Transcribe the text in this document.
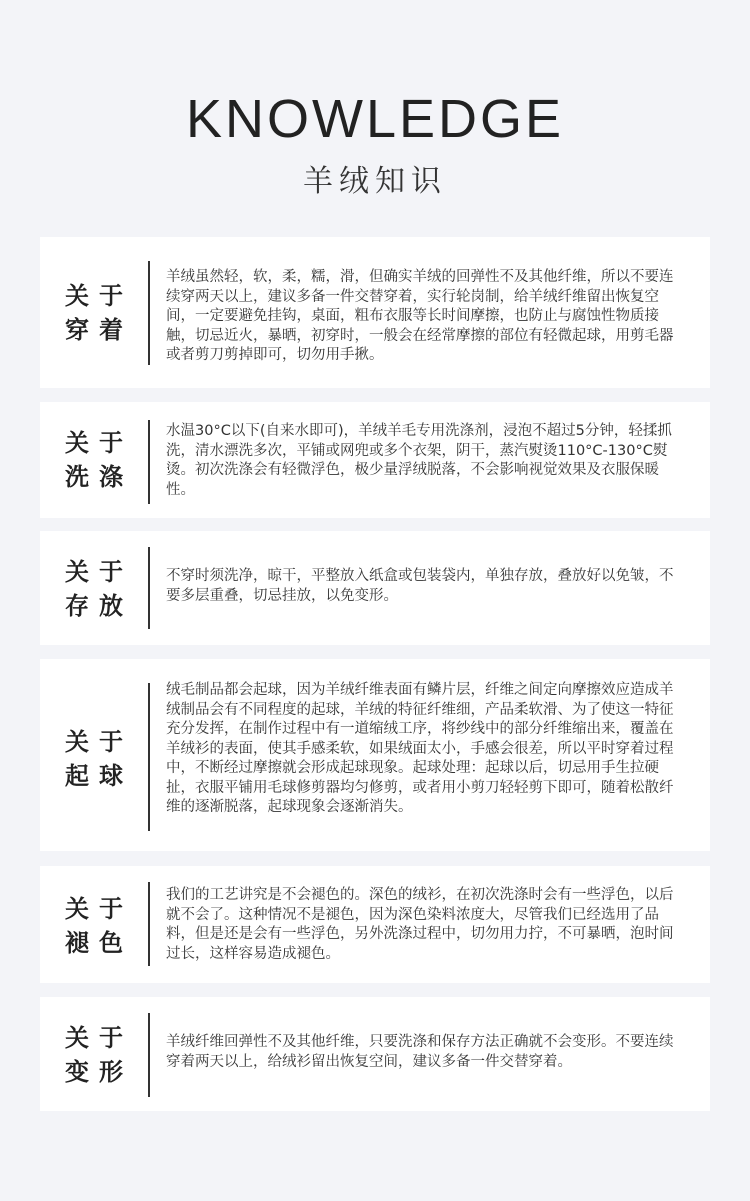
KNOWLEDGE
羊绒知识
关于
穿着
羊绒虽然轻，软，柔，糯，滑，但确实羊绒的回弹性不及其他纤维，所以不要连续穿两天以上，建议多备一件交替穿着，实行轮岗制，给羊绒纤维留出恢复空间，一定要避免挂钩，桌面，粗布衣服等长时间摩擦，也防止与腐蚀性物质接触，切忌近火，暴晒，初穿时，一般会在经常摩擦的部位有轻微起球，用剪毛器或者剪刀剪掉即可，切勿用手揪。
关于
洗涤
水温30°C以下(自来水即可)，羊绒羊毛专用洗涤剂，浸泡不超过5分钟，轻揉抓洗，清水漂洗多次，平铺或网兜或多个衣架，阴干，蒸汽熨烫110°C-130°C熨烫。初次洗涤会有轻微浮色，极少量浮绒脱落，不会影响视觉效果及衣服保暖性。
关于
存放
不穿时须洗净，晾干，平整放入纸盒或包装袋内，单独存放，叠放好以免皱，不要多层重叠，切忌挂放，以免变形。
关于
起球
绒毛制品都会起球，因为羊绒纤维表面有鳞片层，纤维之间定向摩擦效应造成羊绒制品会有不同程度的起球，羊绒的特征纤维细，产品柔软滑、为了使这一特征充分发挥，在制作过程中有一道缩绒工序，将纱线中的部分纤维缩出来，覆盖在羊绒衫的表面，使其手感柔软，如果绒面太小，手感会很差，所以平时穿着过程中，不断经过摩擦就会形成起球现象。起球处理：起球以后，切忌用手生拉硬扯，衣服平铺用毛球修剪器均匀修剪，或者用小剪刀轻轻剪下即可，随着松散纤维的逐渐脱落，起球现象会逐渐消失。
关于
褪色
我们的工艺讲究是不会褪色的。深色的绒衫，在初次洗涤时会有一些浮色，以后就不会了。这种情况不是褪色，因为深色染料浓度大，尽管我们已经选用了品料，但是还是会有一些浮色，另外洗涤过程中，切勿用力拧，不可暴晒，泡时间过长，这样容易造成褪色。
关于
变形
羊绒纤维回弹性不及其他纤维，只要洗涤和保存方法正确就不会变形。不要连续穿着两天以上，给绒衫留出恢复空间，建议多备一件交替穿着。
